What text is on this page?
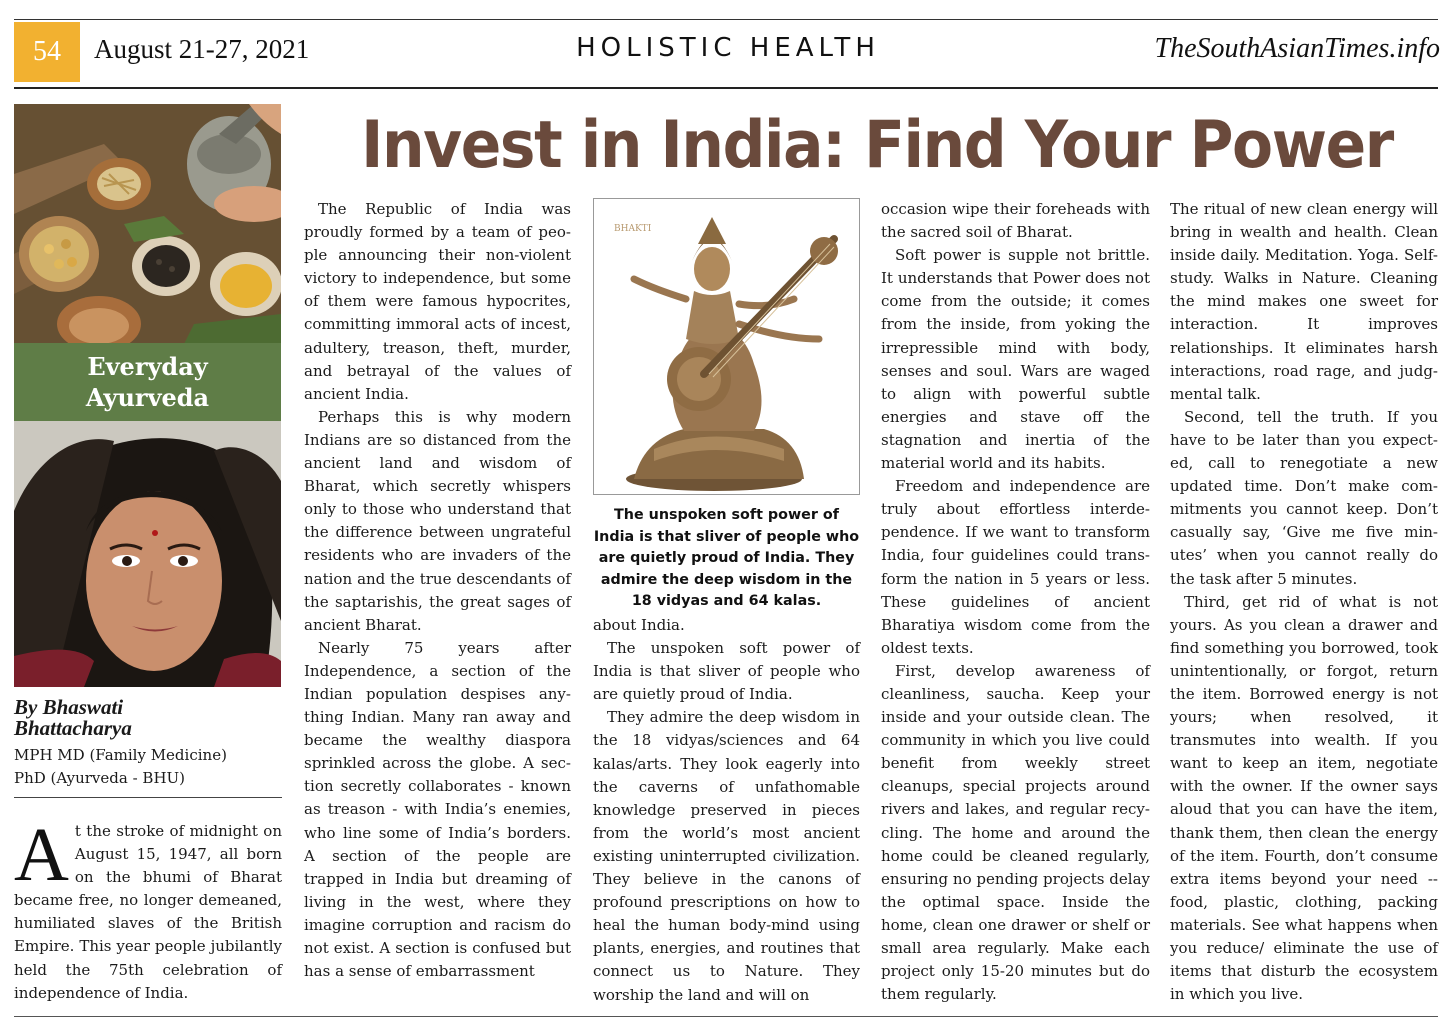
54	August 21-27, 2021	HOLISTIC HEALTH	TheSouthAsianTimes.info
Invest in India: Find Your Power
Everyday
Ayurveda
By Bhaswati
Bhattacharya
MPH MD (Family Medicine)
PhD (Ayurveda - BHU)
A t the stroke of midnight on August 15, 1947, all born on the bhumi of Bharat became free, no longer demeaned, humiliated slaves of the British Empire. This year people jubilantly held the 75th celebration of independence of India.

The Republic of India was proudly formed by a team of people announcing their non-violent victory to independence, but some of them were famous hypocrites, committing immoral acts of incest, adultery, treason, theft, murder, and betrayal of the values of ancient India.

Perhaps this is why modern Indians are so distanced from the ancient land and wisdom of Bharat, which secretly whispers only to those who understand that the difference between ungrateful residents who are invaders of the nation and the true descendants of the saptarishis, the great sages of ancient Bharat.

Nearly 75 years after Independence, a section of the Indian population despises anything Indian. Many ran away and became the wealthy diaspora sprinkled across the globe. A section secretly collaborates - known as treason - with India’s enemies, who line some of India’s borders. A section of the people are trapped in India but dreaming of living in the west, where they imagine corruption and racism do not exist. A section is confused but has a sense of embarrassment

BHAKTI
The unspoken soft power of India is that sliver of people who are quietly proud of India. They admire the deep wisdom in the 18 vidyas and 64 kalas.

about India.

The unspoken soft power of India is that sliver of people who are quietly proud of India.

They admire the deep wisdom in the 18 vidyas/sciences and 64 kalas/arts. They look eagerly into the caverns of unfathomable knowledge preserved in pieces from the world’s most ancient existing uninterrupted civilization. They believe in the canons of profound prescriptions on how to heal the human body-mind using plants, energies, and routines that connect us to Nature. They worship the land and will on

occasion wipe their foreheads with the sacred soil of Bharat.

Soft power is supple not brittle. It understands that Power does not come from the outside; it comes from the inside, from yoking the irrepressible mind with body, senses and soul. Wars are waged to align with powerful subtle energies and stave off the stagnation and inertia of the material world and its habits.

Freedom and independence are truly about effortless interdependence. If we want to transform India, four guidelines could transform the nation in 5 years or less. These guidelines of ancient Bharatiya wisdom come from the oldest texts.

First, develop awareness of cleanliness, saucha. Keep your inside and your outside clean. The community in which you live could benefit from weekly street cleanups, special projects around rivers and lakes, and regular recycling. The home and around the home could be cleaned regularly, ensuring no pending projects delay the optimal space. Inside the home, clean one drawer or shelf or small area regularly. Make each project only 15-20 minutes but do them regularly.

The ritual of new clean energy will bring in wealth and health. Clean inside daily. Meditation. Yoga. Self-study. Walks in Nature. Cleaning the mind makes one sweet for interaction. It improves relationships. It eliminates harsh interactions, road rage, and judgmental talk.

Second, tell the truth. If you have to be later than you expected, call to renegotiate a new updated time. Don’t make commitments you cannot keep. Don’t casually say, ‘Give me five minutes’ when you cannot really do the task after 5 minutes.

Third, get rid of what is not yours. As you clean a drawer and find something you borrowed, took unintentionally, or forgot, return the item. Borrowed energy is not yours; when resolved, it transmutes into wealth. If you want to keep an item, negotiate with the owner. If the owner says aloud that you can have the item, thank them, then clean the energy of the item. Fourth, don’t consume extra items beyond your need -- food, plastic, clothing, packing materials. See what happens when you reduce/ eliminate the use of items that disturb the ecosystem in which you live.
